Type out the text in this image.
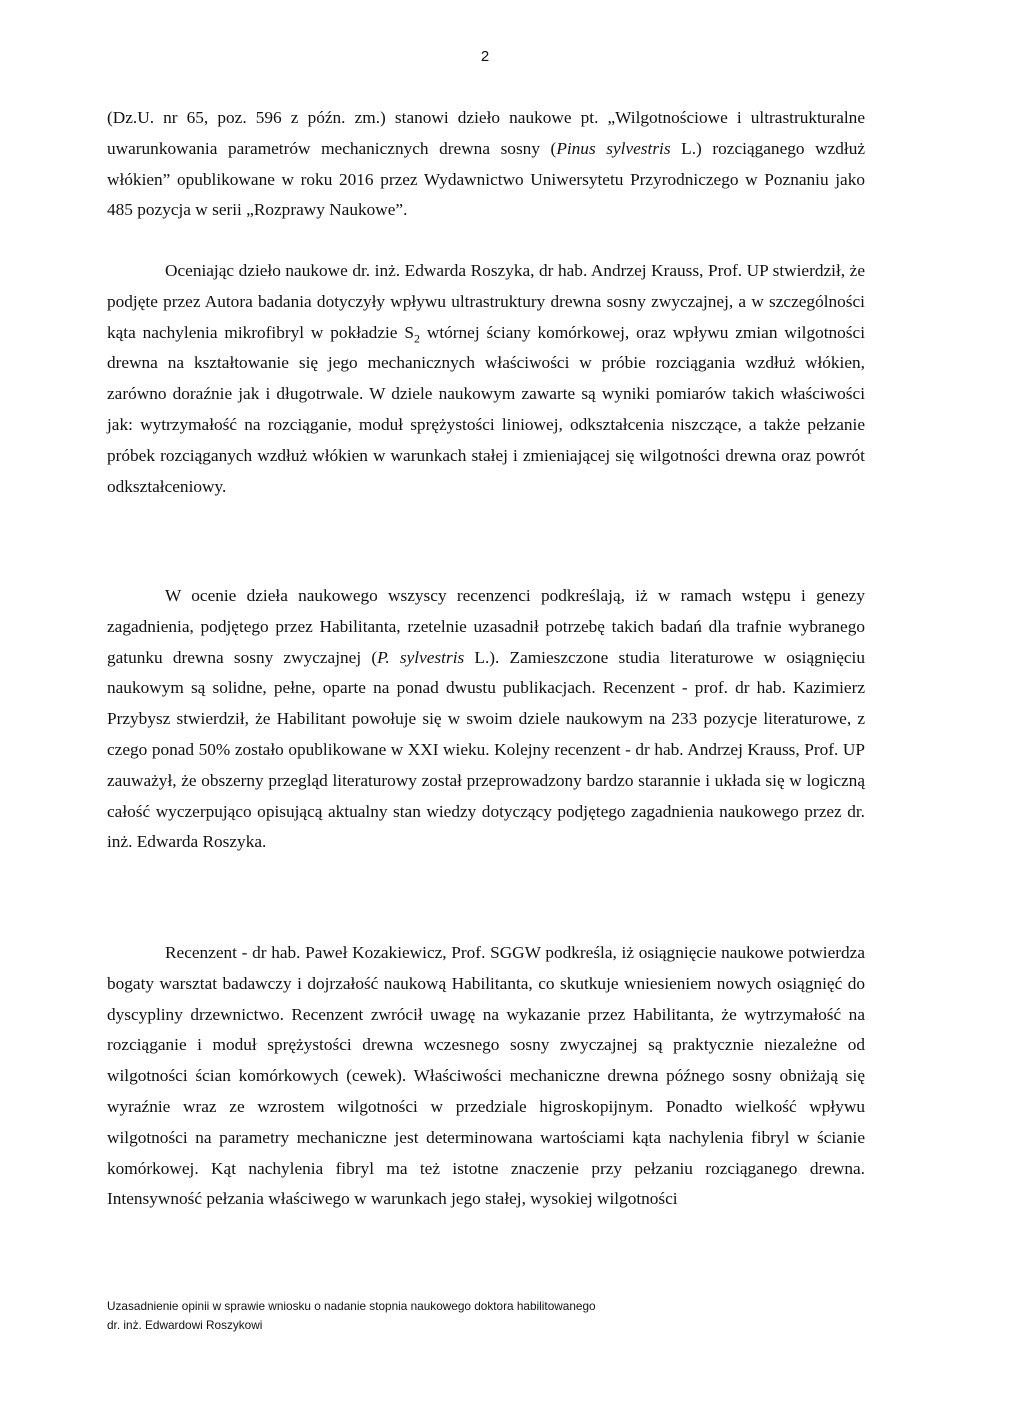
2

(Dz.U. nr 65, poz. 596 z późn. zm.) stanowi dzieło naukowe pt. „Wilgotnościowe i ultrastrukturalne uwarunkowania parametrów mechanicznych drewna sosny (Pinus sylvestris L.) rozciąganego wzdłuż włókien” opublikowane w roku 2016 przez Wydawnictwo Uniwersytetu Przyrodniczego w Poznaniu jako 485 pozycja w serii „Rozprawy Naukowe”.

Oceniając dzieło naukowe dr. inż. Edwarda Roszyka, dr hab. Andrzej Krauss, Prof. UP stwierdził, że podjęte przez Autora badania dotyczyły wpływu ultrastruktury drewna sosny zwyczajnej, a w szczególności kąta nachylenia mikrofibryl w pokładzie $S_2$ wtórnej ściany komórkowej, oraz wpływu zmian wilgotności drewna na kształtowanie się jego mechanicznych właściwości w próbie rozciągania wzdłuż włókien, zarówno doraźnie jak i długotrwale. W dziele naukowym zawarte są wyniki pomiarów takich właściwości jak: wytrzymałość na rozciąganie, moduł sprężystości liniowej, odkształcenia niszczące, a także pełzanie próbek rozciąganych wzdłuż włókien w warunkach stałej i zmieniającej się wilgotności drewna oraz powrót odkształceniowy.

W ocenie dzieła naukowego wszyscy recenzenci podkreślają, iż w ramach wstępu i genezy zagadnienia, podjętego przez Habilitanta, rzetelnie uzasadnił potrzebę takich badań dla trafnie wybranego gatunku drewna sosny zwyczajnej (P. sylvestris L.). Zamieszczone studia literaturowe w osiągnięciu naukowym są solidne, pełne, oparte na ponad dwustu publikacjach. Recenzent - prof. dr hab. Kazimierz Przybysz stwierdził, że Habilitant powołuje się w swoim dziele naukowym na 233 pozycje literaturowe, z czego ponad 50% zostało opublikowane w XXI wieku. Kolejny recenzent - dr hab. Andrzej Krauss, Prof. UP zauważył, że obszerny przegląd literaturowy został przeprowadzony bardzo starannie i układa się w logiczną całość wyczerpująco opisującą aktualny stan wiedzy dotyczący podjętego zagadnienia naukowego przez dr. inż. Edwarda Roszyka.

Recenzent - dr hab. Paweł Kozakiewicz, Prof. SGGW podkreśla, iż osiągnięcie naukowe potwierdza bogaty warsztat badawczy i dojrzałość naukową Habilitanta, co skutkuje wniesieniem nowych osiągnięć do dyscypliny drzewnictwo. Recenzent zwrócił uwagę na wykazanie przez Habilitanta, że wytrzymałość na rozciąganie i moduł sprężystości drewna wczesnego sosny zwyczajnej są praktycznie niezależne od wilgotności ścian komórkowych (cewek). Właściwości mechaniczne drewna późnego sosny obniżają się wyraźnie wraz ze wzrostem wilgotności w przedziale higroskopijnym. Ponadto wielkość wpływu wilgotności na parametry mechaniczne jest determinowana wartościami kąta nachylenia fibryl w ścianie komórkowej. Kąt nachylenia fibryl ma też istotne znaczenie przy pełzaniu rozciąganego drewna. Intensywność pełzania właściwego w warunkach jego stałej, wysokiej wilgotności

Uzasadnienie opinii w sprawie wniosku o nadanie stopnia naukowego doktora habilitowanego
dr. inż. Edwardowi Roszykowi
